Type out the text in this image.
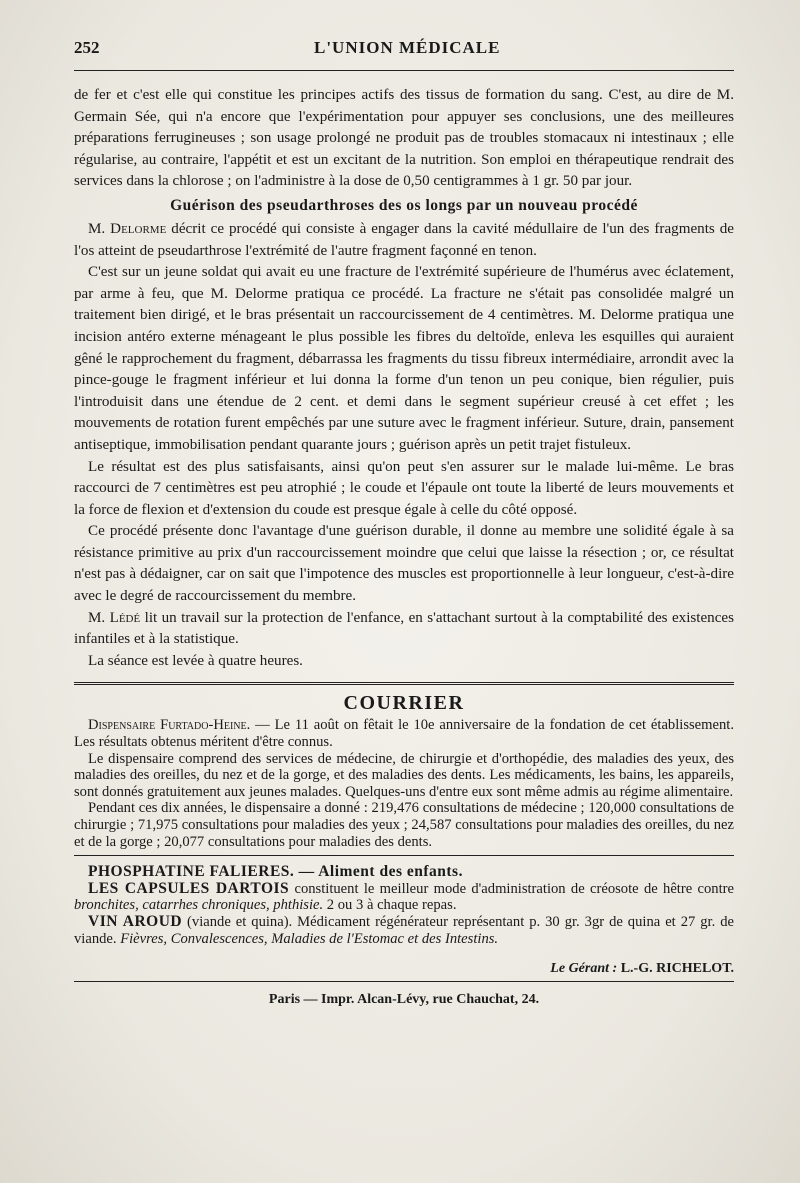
252	L'UNION MÉDICALE

de fer et c'est elle qui constitue les principes actifs des tissus de formation du sang. C'est, au dire de M. Germain Sée, qui n'a encore que l'expérimentation pour appuyer ses conclusions, une des meilleures préparations ferrugineuses ; son usage prolongé ne produit pas de troubles stomacaux ni intestinaux ; elle régularise, au contraire, l'appétit et est un excitant de la nutrition. Son emploi en thérapeutique rendrait des services dans la chlorose ; on l'administre à la dose de 0,50 centigrammes à 1 gr. 50 par jour.

Guérison des pseudarthroses des os longs par un nouveau procédé

M. Delorme décrit ce procédé qui consiste à engager dans la cavité médullaire de l'un des fragments de l'os atteint de pseudarthrose l'extrémité de l'autre fragment façonné en tenon.

C'est sur un jeune soldat qui avait eu une fracture de l'extrémité supérieure de l'humérus avec éclatement, par arme à feu, que M. Delorme pratiqua ce procédé. La fracture ne s'était pas consolidée malgré un traitement bien dirigé, et le bras présentait un raccourcissement de 4 centimètres. M. Delorme pratiqua une incision antéro externe ménageant le plus possible les fibres du deltoïde, enleva les esquilles qui auraient gêné le rapprochement du fragment, débarrassa les fragments du tissu fibreux intermédiaire, arrondit avec la pince-gouge le fragment inférieur et lui donna la forme d'un tenon un peu conique, bien régulier, puis l'introduisit dans une étendue de 2 cent. et demi dans le segment supérieur creusé à cet effet ; les mouvements de rotation furent empêchés par une suture avec le fragment inférieur. Suture, drain, pansement antiseptique, immobilisation pendant quarante jours ; guérison après un petit trajet fistuleux.

Le résultat est des plus satisfaisants, ainsi qu'on peut s'en assurer sur le malade lui-même. Le bras raccourci de 7 centimètres est peu atrophié ; le coude et l'épaule ont toute la liberté de leurs mouvements et la force de flexion et d'extension du coude est presque égale à celle du côté opposé.

Ce procédé présente donc l'avantage d'une guérison durable, il donne au membre une solidité égale à sa résistance primitive au prix d'un raccourcissement moindre que celui que laisse la résection ; or, ce résultat n'est pas à dédaigner, car on sait que l'impotence des muscles est proportionnelle à leur longueur, c'est-à-dire avec le degré de raccourcissement du membre.

M. Lédé lit un travail sur la protection de l'enfance, en s'attachant surtout à la comptabilité des existences infantiles et à la statistique.

La séance est levée à quatre heures.

COURRIER

Dispensaire Furtado-Heine. — Le 11 août on fêtait le 10e anniversaire de la fondation de cet établissement. Les résultats obtenus méritent d'être connus.

Le dispensaire comprend des services de médecine, de chirurgie et d'orthopédie, des maladies des yeux, des maladies des oreilles, du nez et de la gorge, et des maladies des dents. Les médicaments, les bains, les appareils, sont donnés gratuitement aux jeunes malades. Quelques-uns d'entre eux sont même admis au régime alimentaire.

Pendant ces dix années, le dispensaire a donné : 219,476 consultations de médecine ; 120,000 consultations de chirurgie ; 71,975 consultations pour maladies des yeux ; 24,587 consultations pour maladies des oreilles, du nez et de la gorge ; 20,077 consultations pour maladies des dents.

PHOSPHATINE FALIERES. — Aliment des enfants.

LES CAPSULES DARTOIS constituent le meilleur mode d'administration de créosote de hêtre contre bronchites, catarrhes chroniques, phthisie. 2 ou 3 à chaque repas.

VIN AROUD (viande et quina). Médicament régénérateur représentant p. 30 gr. 3gr de quina et 27 gr. de viande. Fièvres, Convalescences, Maladies de l'Estomac et des Intestins.

Le Gérant : L.-G. RICHELOT.
Paris — Impr. Alcan-Lévy, rue Chauchat, 24.
